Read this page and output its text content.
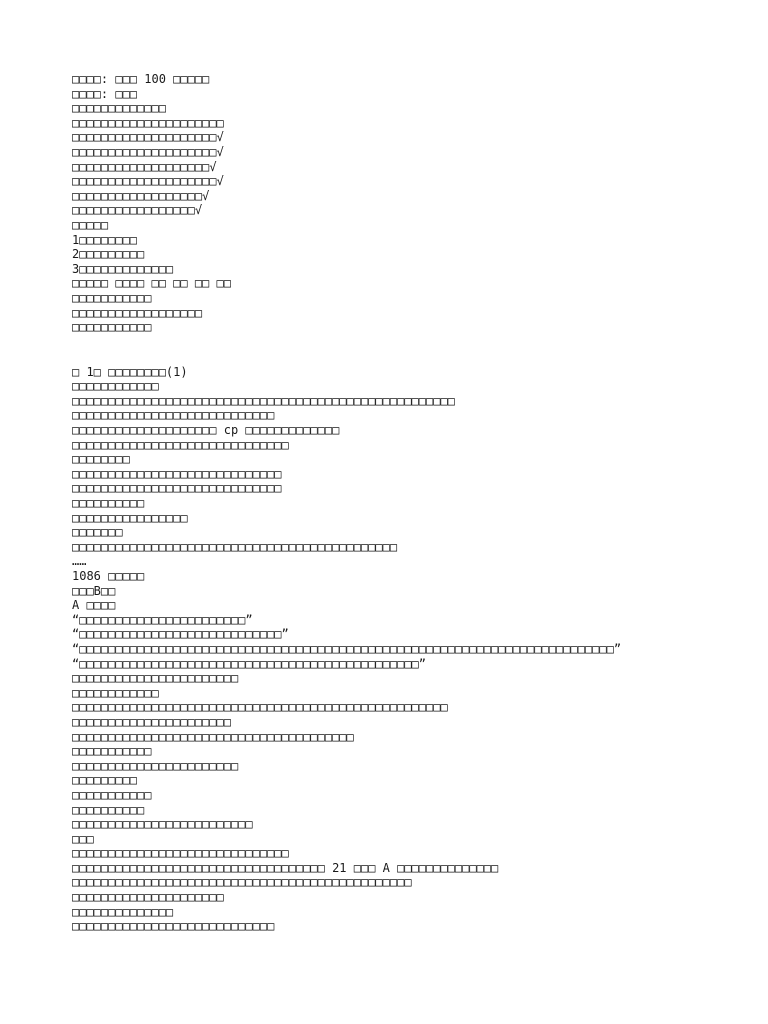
□□□□: □□□ 100 □□□□□
□□□□: □□□
□□□□□□□□□□□□□
□□□□□□□□□□□□□□□□□□□□□
□□□□□□□□□□□□□□□□□□□□√
□□□□□□□□□□□□□□□□□□□□√
□□□□□□□□□□□□□□□□□□□√
□□□□□□□□□□□□□□□□□□□□√
□□□□□□□□□□□□□□□□□□√
□□□□□□□□□□□□□□□□□√
□□□□□
1□□□□□□□□
2□□□□□□□□□
3□□□□□□□□□□□□□
□□□□□ □□□□ □□ □□ □□ □□
□□□□□□□□□□□
□□□□□□□□□□□□□□□□□□
□□□□□□□□□□□
□ 1□ □□□□□□□□(1)
□□□□□□□□□□□□
□□□□□□□□□□□□□□□□□□□□□□□□□□□□□□□□□□□□□□□□□□□□□□□□□□□□□
□□□□□□□□□□□□□□□□□□□□□□□□□□□□
□□□□□□□□□□□□□□□□□□□□ cp □□□□□□□□□□□□□
□□□□□□□□□□□□□□□□□□□□□□□□□□□□□□
□□□□□□□□
□□□□□□□□□□□□□□□□□□□□□□□□□□□□□
□□□□□□□□□□□□□□□□□□□□□□□□□□□□□
□□□□□□□□□□
□□□□□□□□□□□□□□□□
□□□□□□□
□□□□□□□□□□□□□□□□□□□□□□□□□□□□□□□□□□□□□□□□□□□□□
……
1086 □□□□□
□□□B□□
A □□□□
“□□□□□□□□□□□□□□□□□□□□□□□”
“□□□□□□□□□□□□□□□□□□□□□□□□□□□□”
“□□□□□□□□□□□□□□□□□□□□□□□□□□□□□□□□□□□□□□□□□□□□□□□□□□□□□□□□□□□□□□□□□□□□□□□□□□”
“□□□□□□□□□□□□□□□□□□□□□□□□□□□□□□□□□□□□□□□□□□□□□□□”
□□□□□□□□□□□□□□□□□□□□□□□
□□□□□□□□□□□□
□□□□□□□□□□□□□□□□□□□□□□□□□□□□□□□□□□□□□□□□□□□□□□□□□□□□
□□□□□□□□□□□□□□□□□□□□□□
□□□□□□□□□□□□□□□□□□□□□□□□□□□□□□□□□□□□□□□
□□□□□□□□□□□
□□□□□□□□□□□□□□□□□□□□□□□
□□□□□□□□□
□□□□□□□□□□□
□□□□□□□□□□
□□□□□□□□□□□□□□□□□□□□□□□□□
□□□
□□□□□□□□□□□□□□□□□□□□□□□□□□□□□□
□□□□□□□□□□□□□□□□□□□□□□□□□□□□□□□□□□□ 21 □□□ A □□□□□□□□□□□□□□
□□□□□□□□□□□□□□□□□□□□□□□□□□□□□□□□□□□□□□□□□□□□□□□
□□□□□□□□□□□□□□□□□□□□□
□□□□□□□□□□□□□□
□□□□□□□□□□□□□□□□□□□□□□□□□□□□
